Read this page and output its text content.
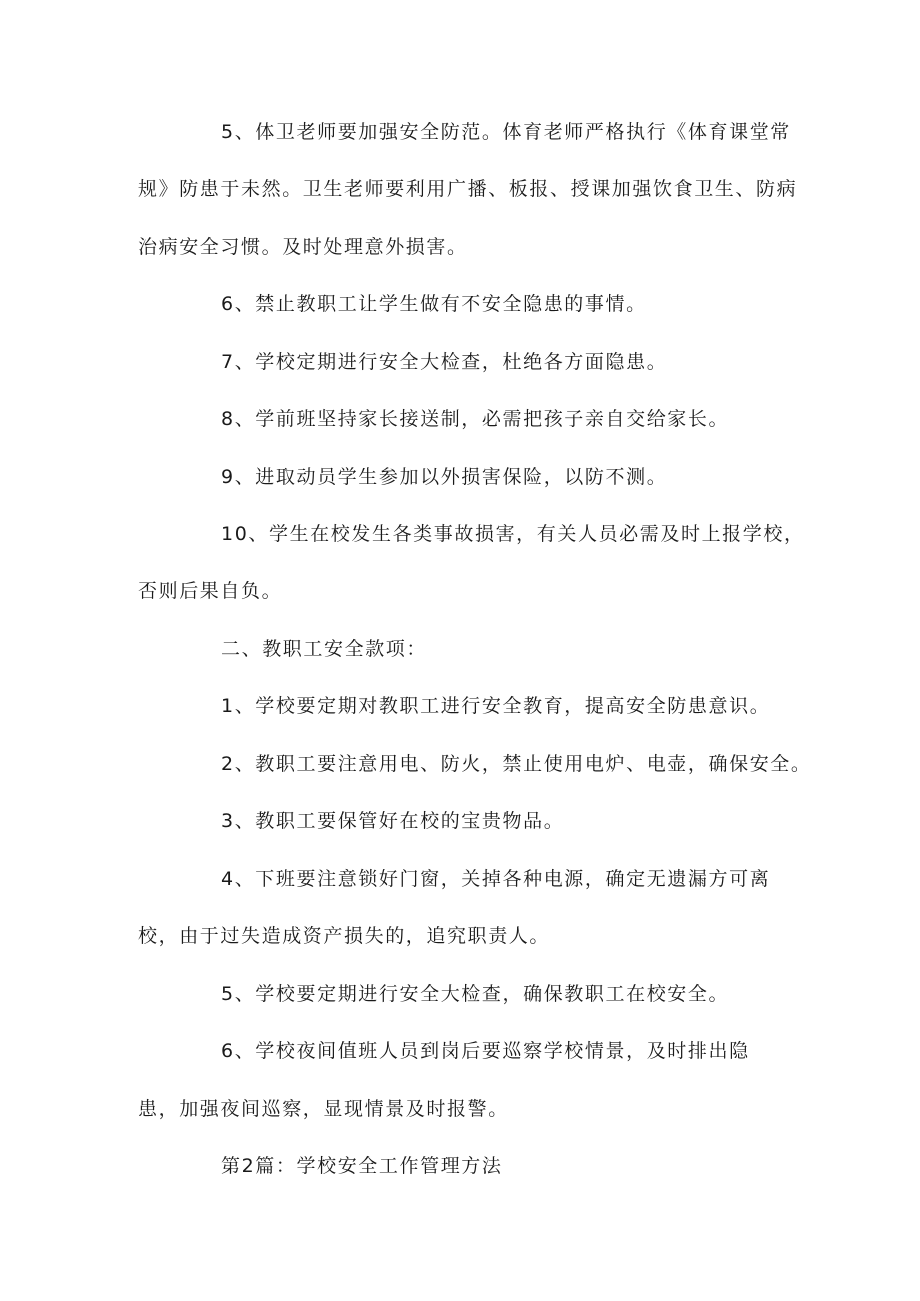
5、体卫老师要加强安全防范。体育老师严格执行《体育课堂常
规》防患于未然。卫生老师要利用广播、板报、授课加强饮食卫生、防病
治病安全习惯。及时处理意外损害。
6、禁止教职工让学生做有不安全隐患的事情。
7、学校定期进行安全大检查，杜绝各方面隐患。
8、学前班坚持家长接送制，必需把孩子亲自交给家长。
9、进取动员学生参加以外损害保险，以防不测。
10、学生在校发生各类事故损害，有关人员必需及时上报学校，
否则后果自负。
二、教职工安全款项：
1、学校要定期对教职工进行安全教育，提高安全防患意识。
2、教职工要注意用电、防火，禁止使用电炉、电壶，确保安全。
3、教职工要保管好在校的宝贵物品。
4、下班要注意锁好门窗，关掉各种电源，确定无遗漏方可离
校，由于过失造成资产损失的，追究职责人。
5、学校要定期进行安全大检查，确保教职工在校安全。
6、学校夜间值班人员到岗后要巡察学校情景，及时排出隐
患，加强夜间巡察，显现情景及时报警。
第2篇：学校安全工作管理方法
